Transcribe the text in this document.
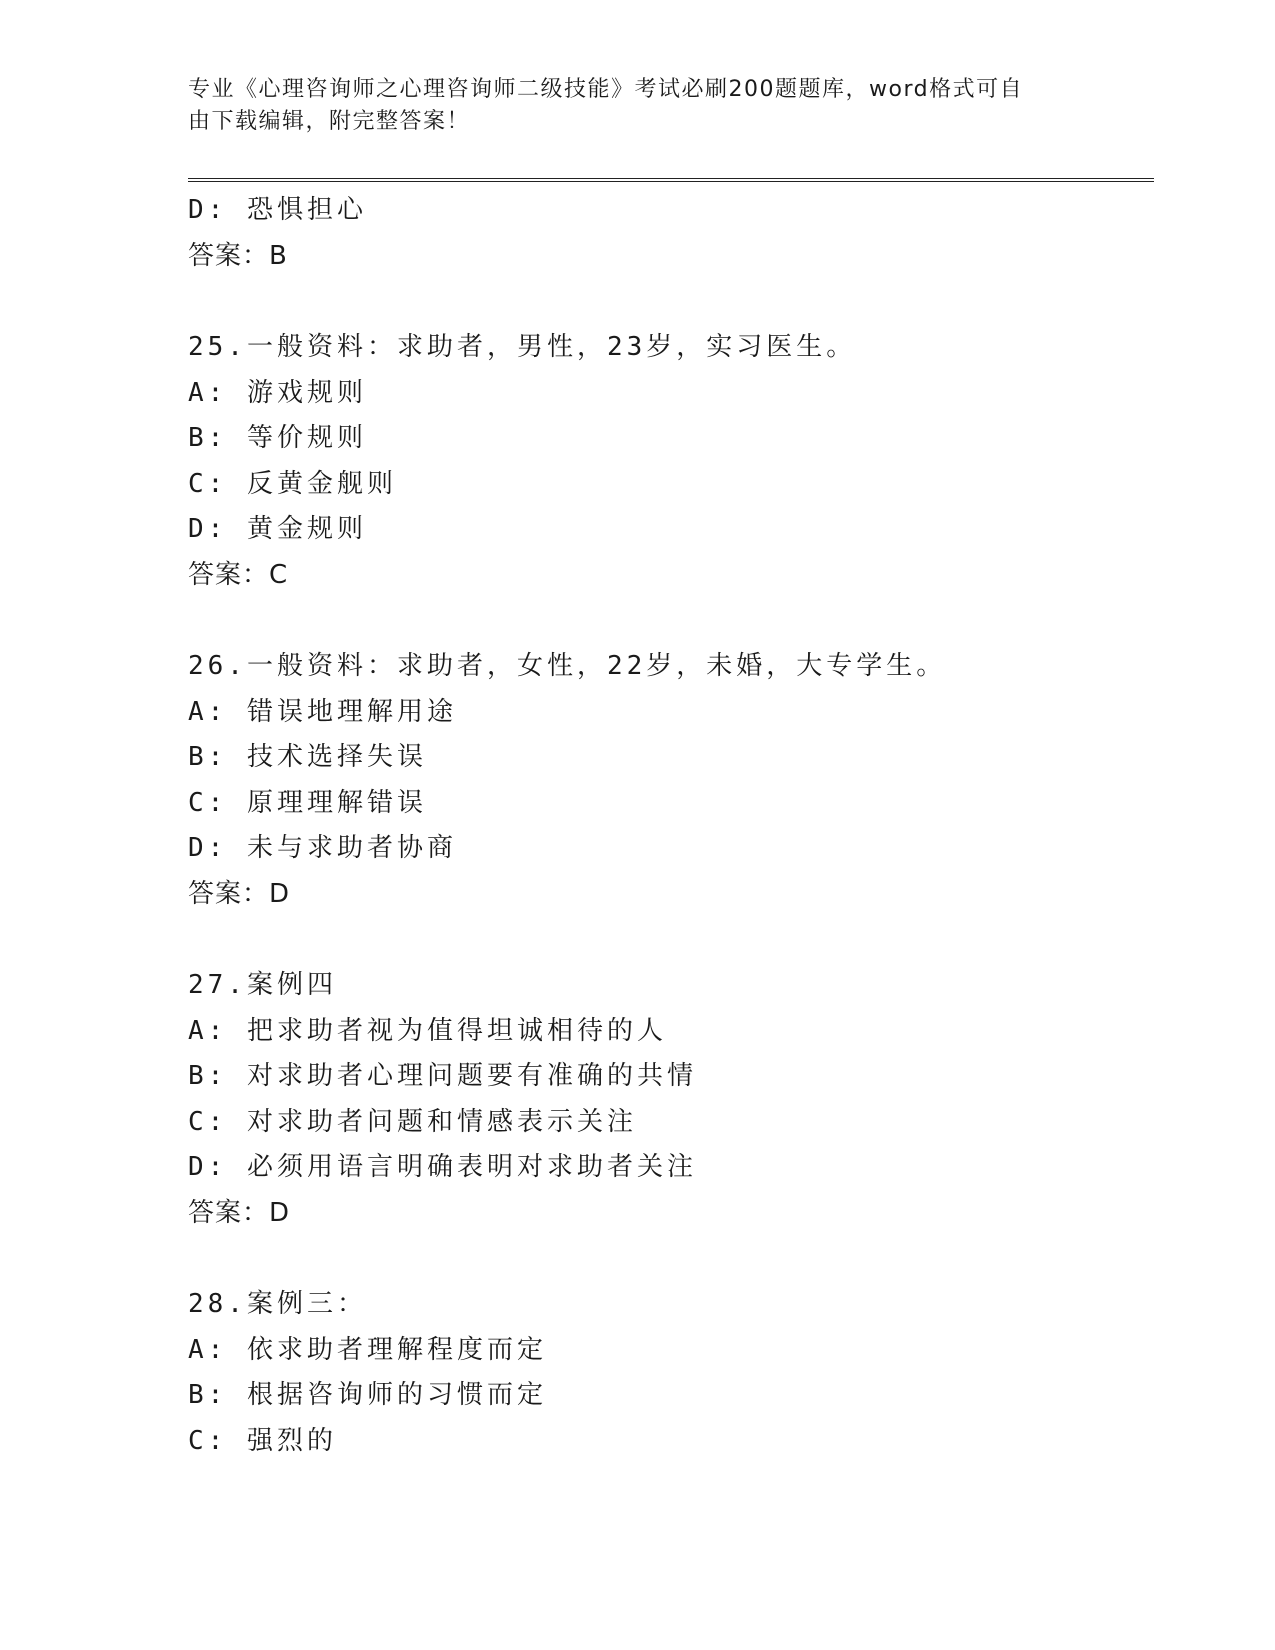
专业《心理咨询师之心理咨询师二级技能》考试必刷200题题库，word格式可自
由下载编辑，附完整答案！
D: 恐惧担心
答案：B
25.一般资料：求助者，男性，23岁，实习医生。
A: 游戏规则
B: 等价规则
C: 反黄金舰则
D: 黄金规则
答案：C
26.一般资料：求助者，女性，22岁，未婚，大专学生。
A: 错误地理解用途
B: 技术选择失误
C: 原理理解错误
D: 未与求助者协商
答案：D
27.案例四
A: 把求助者视为值得坦诚相待的人
B: 对求助者心理问题要有准确的共情
C: 对求助者问题和情感表示关注
D: 必须用语言明确表明对求助者关注
答案：D
28.案例三：
A: 依求助者理解程度而定
B: 根据咨询师的习惯而定
C: 强烈的
